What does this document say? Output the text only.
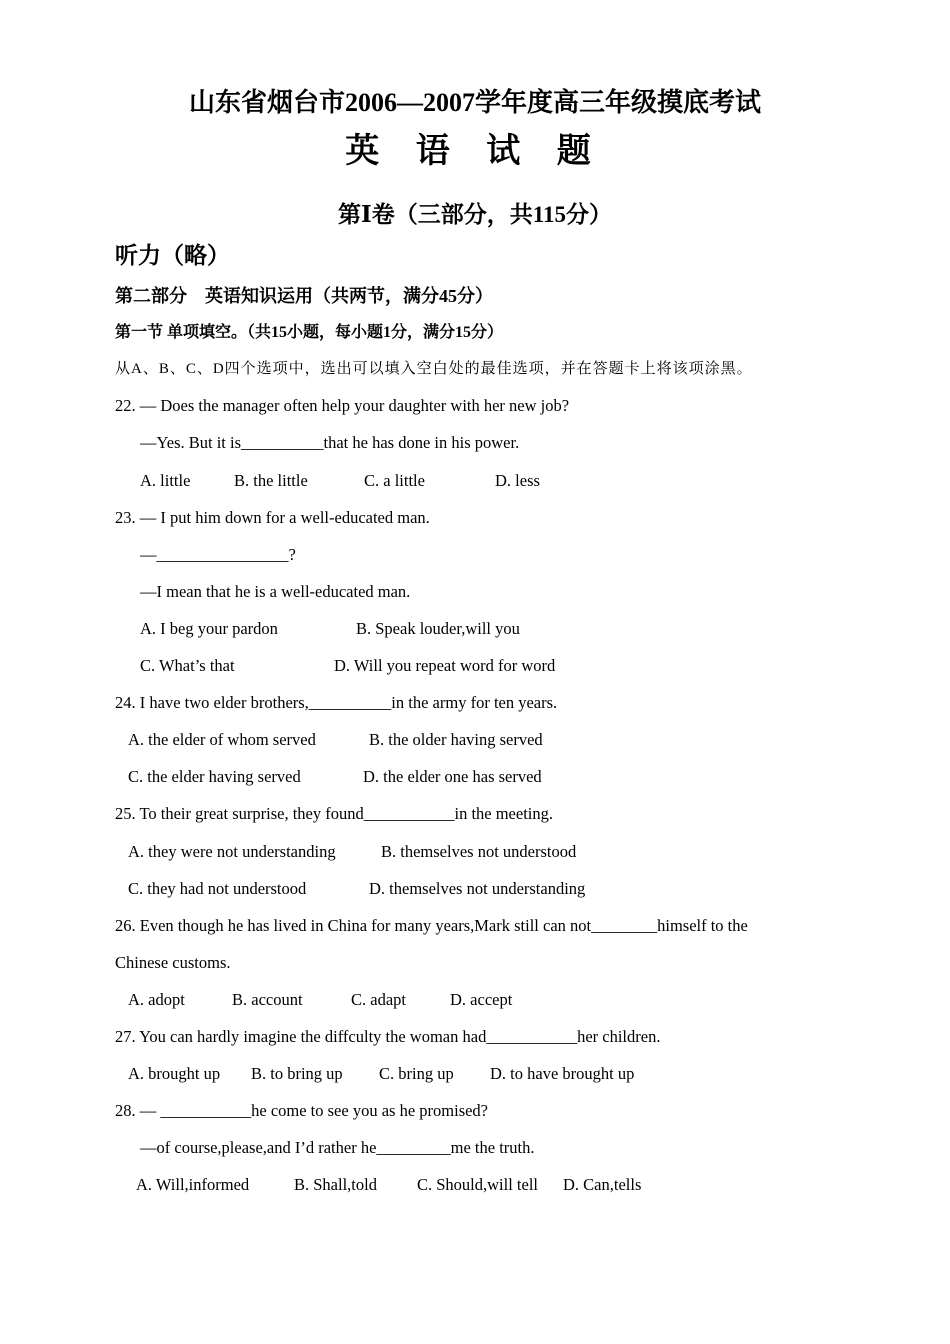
山东省烟台市2006—2007学年度高三年级摸底考试
英 语 试 题
第Ⅰ卷（三部分，共115分）
听力（略）
第二部分　英语知识运用（共两节，满分45分）
第一节 单项填空。（共15小题，每小题1分，满分15分）
从A、B、C、D四个选项中，选出可以填入空白处的最佳选项，并在答题卡上将该项涂黑。
22. — Does the manager often help your daughter with her new job?
—Yes. But it is__________that he has done in his power.
A. little	B. the little	C. a little	D. less
23. — I put him down for a well-educated man.
—________________?
—I mean that he is a well-educated man.
A. I beg your pardon	B. Speak louder,will you
C. What’s that	D. Will you repeat word for word
24. I have two elder brothers,__________in the army for ten years.
A. the elder of whom served	B. the older having served
C. the elder having served	D. the elder one has served
25. To their great surprise, they found___________in the meeting.
A. they were not understanding	B. themselves not understood
C. they had not understood	D. themselves not understanding
26. Even though he has lived in China for many years,Mark still can not________himself to the
Chinese customs.
A. adopt	B. account	C. adapt	D. accept
27. You can hardly imagine the diffculty the woman had___________her children.
A. brought up B. to bring up C. bring up D. to have brought up
28. — ___________he come to see you as he promised?
—of course,please,and I’d rather he_________me the truth.
A. Will,informed	B. Shall,told C. Should,will tell D. Can,tells
